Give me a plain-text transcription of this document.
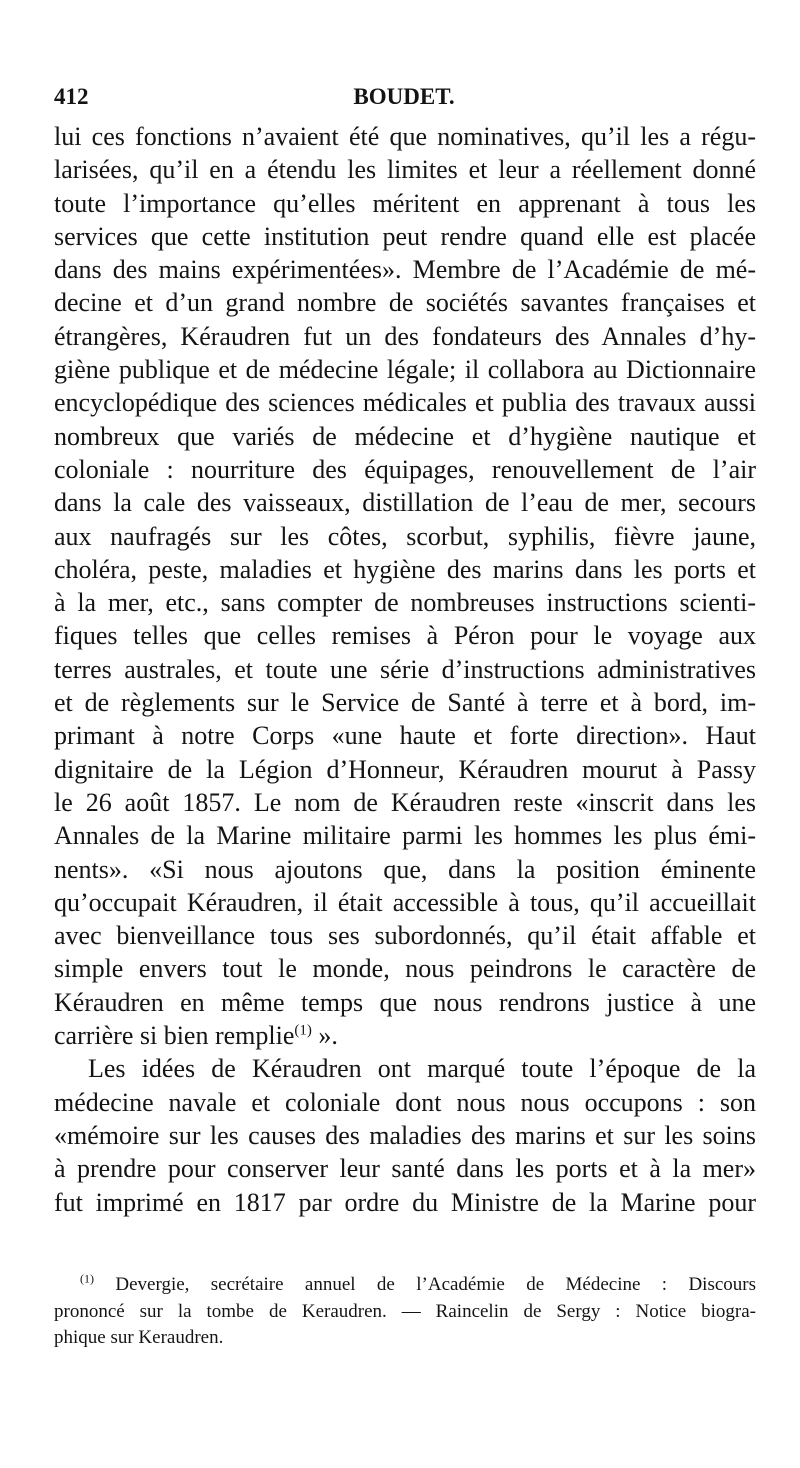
412	BOUDET.
lui ces fonctions n’avaient été que nominatives, qu’il les a régu-
larisées, qu’il en a étendu les limites et leur a réellement donné
toute l’importance qu’elles méritent en apprenant à tous les
services que cette institution peut rendre quand elle est placée
dans des mains expérimentées». Membre de l’Académie de mé-
decine et d’un grand nombre de sociétés savantes françaises et
étrangères, Kéraudren fut un des fondateurs des Annales d’hy-
giène publique et de médecine légale; il collabora au Dictionnaire
encyclopédique des sciences médicales et publia des travaux aussi
nombreux que variés de médecine et d’hygiène nautique et
coloniale : nourriture des équipages, renouvellement de l’air
dans la cale des vaisseaux, distillation de l’eau de mer, secours
aux naufragés sur les côtes, scorbut, syphilis, fièvre jaune,
choléra, peste, maladies et hygiène des marins dans les ports et
à la mer, etc., sans compter de nombreuses instructions scienti-
fiques telles que celles remises à Péron pour le voyage aux
terres australes, et toute une série d’instructions administratives
et de règlements sur le Service de Santé à terre et à bord, im-
primant à notre Corps «une haute et forte direction». Haut
dignitaire de la Légion d’Honneur, Kéraudren mourut à Passy
le 26 août 1857. Le nom de Kéraudren reste «inscrit dans les
Annales de la Marine militaire parmi les hommes les plus émi-
nents». «Si nous ajoutons que, dans la position éminente
qu’occupait Kéraudren, il était accessible à tous, qu’il accueillait
avec bienveillance tous ses subordonnés, qu’il était affable et
simple envers tout le monde, nous peindrons le caractère de
Kéraudren en même temps que nous rendrons justice à une
carrière si bien remplie$^{(1)}$ ».
Les idées de Kéraudren ont marqué toute l’époque de la
médecine navale et coloniale dont nous nous occupons : son
«mémoire sur les causes des maladies des marins et sur les soins
à prendre pour conserver leur santé dans les ports et à la mer»
fut imprimé en 1817 par ordre du Ministre de la Marine pour
$^{(1)}$ Devergie, secrétaire annuel de l’Académie de Médecine : Discours
prononcé sur la tombe de Keraudren. — Raincelin de Sergy : Notice biogra-
phique sur Keraudren.
